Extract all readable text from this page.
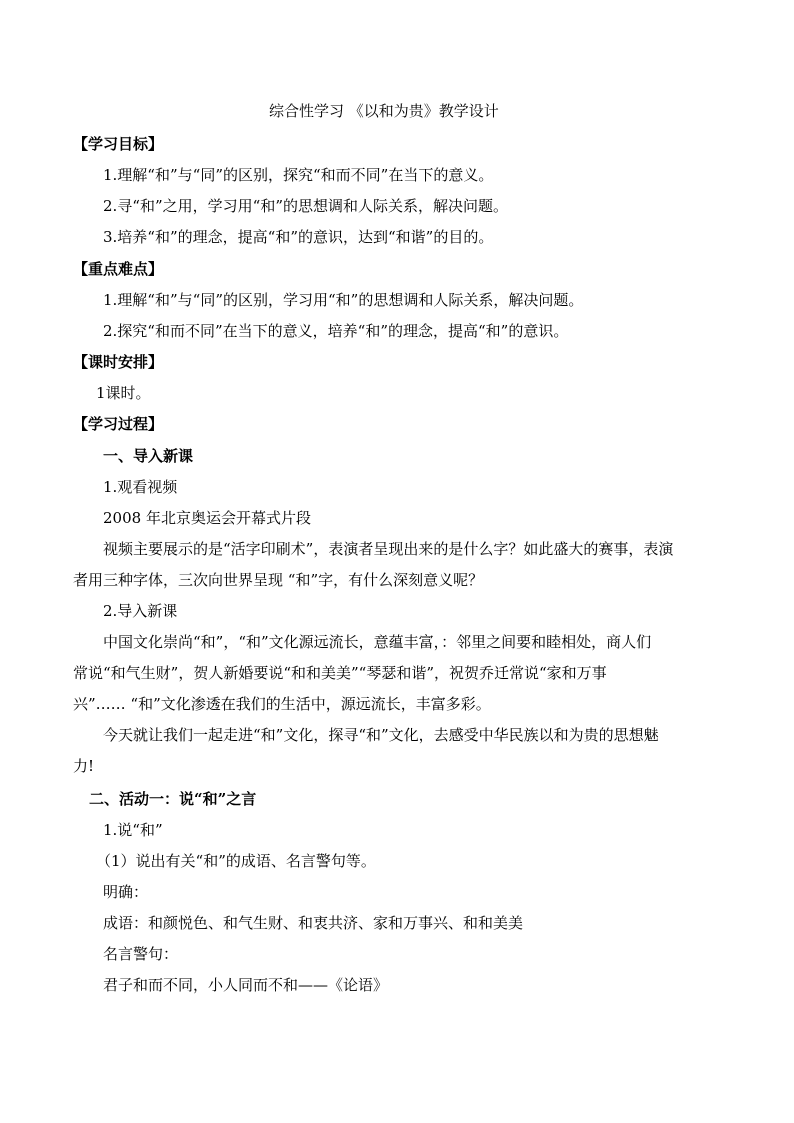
综合性学习 《以和为贵》教学设计
【学习目标】
1.理解“和”与“同”的区别，探究“和而不同”在当下的意义。
2.寻“和”之用，学习用“和”的思想调和人际关系，解决问题。
3.培养“和”的理念，提高“和”的意识，达到“和谐”的目的。
【重点难点】
1.理解“和”与“同”的区别，学习用“和”的思想调和人际关系，解决问题。
2.探究“和而不同”在当下的意义，培养“和”的理念，提高“和”的意识。
【课时安排】
1课时。
【学习过程】
一、导入新课
1.观看视频
2008 年北京奥运会开幕式片段
视频主要展示的是“活字印刷术”，表演者呈现出来的是什么字？如此盛大的赛事，表演
者用三种字体，三次向世界呈现 “和”字，有什么深刻意义呢？
2.导入新课
中国文化崇尚“和”，“和”文化源远流长，意蕴丰富，：邻里之间要和睦相处，商人们
常说“和气生财”，贺人新婚要说“和和美美”“琴瑟和谐”，祝贺乔迁常说“家和万事
兴”…… “和”文化渗透在我们的生活中，源远流长，丰富多彩。
今天就让我们一起走进“和”文化，探寻“和”文化，去感受中华民族以和为贵的思想魅
力!
二、活动一：说“和”之言
1.说“和”
（1）说出有关“和”的成语、名言警句等。
明确：
成语：和颜悦色、和气生财、和衷共济、家和万事兴、和和美美
名言警句：
君子和而不同，小人同而不和——《论语》
